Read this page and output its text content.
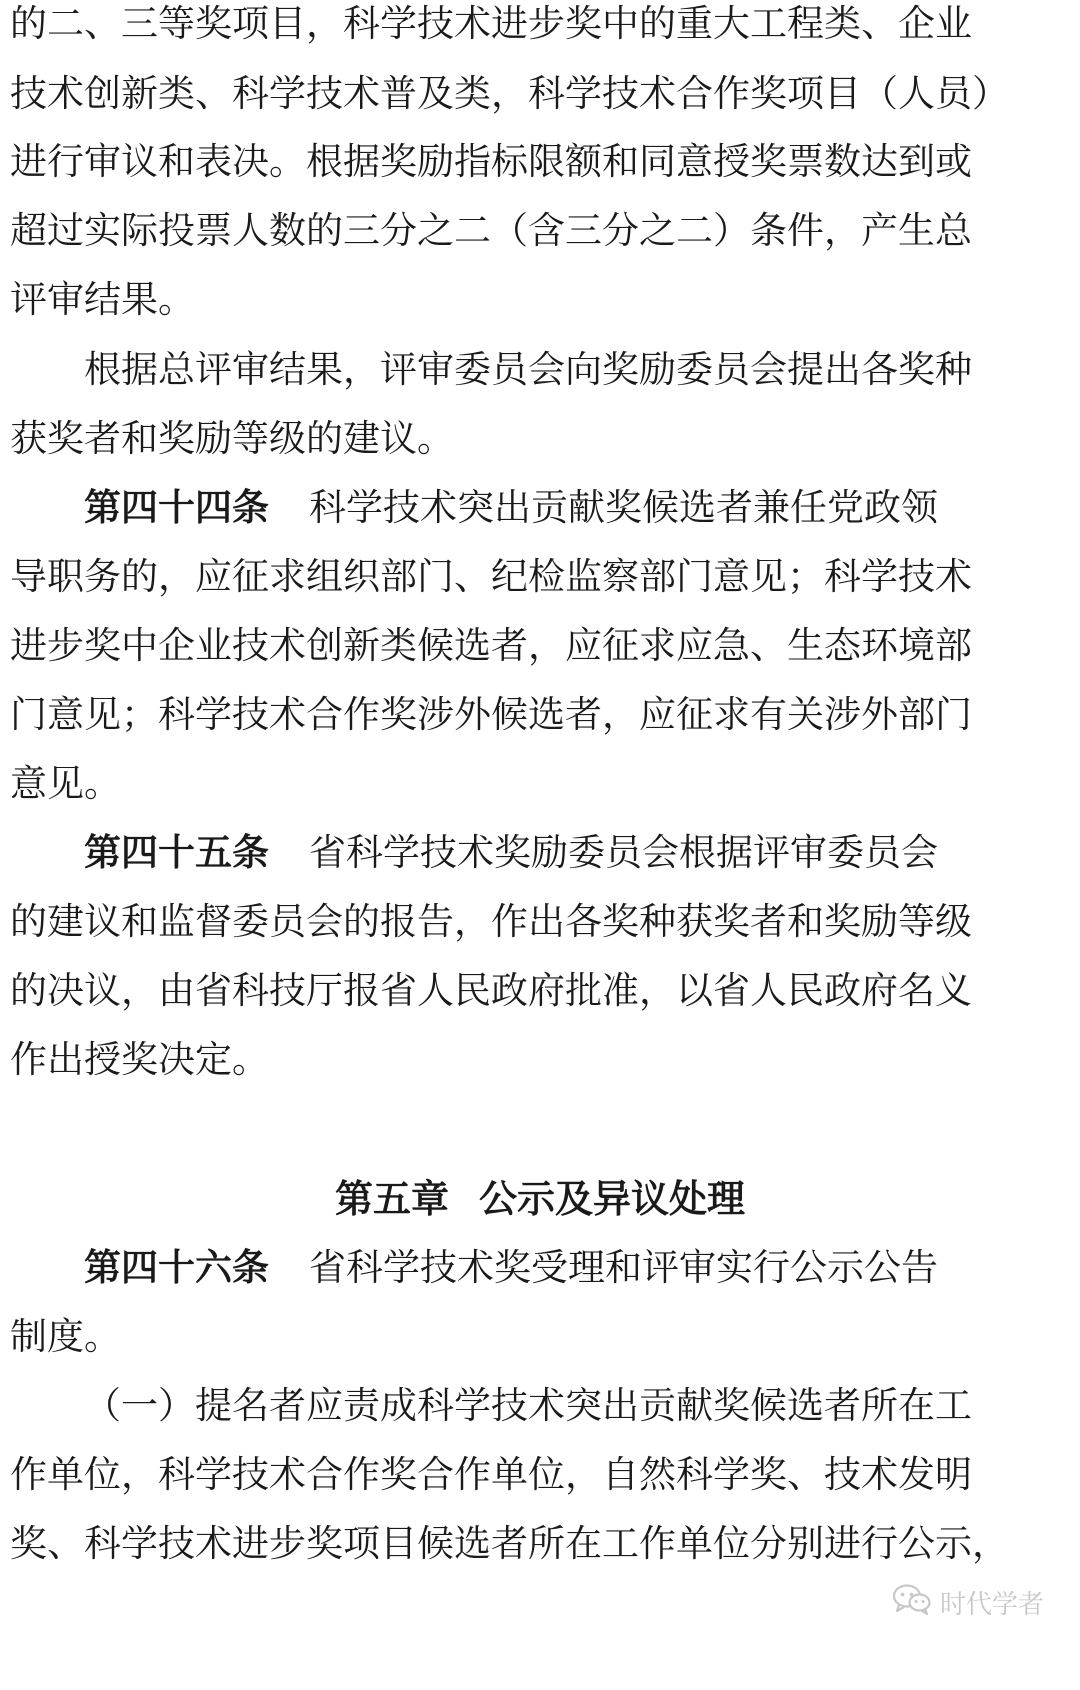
的二、三等奖项目，科学技术进步奖中的重大工程类、企业
技术创新类、科学技术普及类，科学技术合作奖项目（人员）
进行审议和表决。根据奖励指标限额和同意授奖票数达到或
超过实际投票人数的三分之二（含三分之二）条件，产生总
评审结果。
根据总评审结果，评审委员会向奖励委员会提出各奖种
获奖者和奖励等级的建议。
第四十四条 科学技术突出贡献奖候选者兼任党政领
导职务的，应征求组织部门、纪检监察部门意见；科学技术
进步奖中企业技术创新类候选者，应征求应急、生态环境部
门意见；科学技术合作奖涉外候选者，应征求有关涉外部门
意见。
第四十五条 省科学技术奖励委员会根据评审委员会
的建议和监督委员会的报告，作出各奖种获奖者和奖励等级
的决议，由省科技厅报省人民政府批准，以省人民政府名义
作出授奖决定。
第五章 公示及异议处理
第四十六条 省科学技术奖受理和评审实行公示公告
制度。
（一）提名者应责成科学技术突出贡献奖候选者所在工
作单位，科学技术合作奖合作单位，自然科学奖、技术发明
奖、科学技术进步奖项目候选者所在工作单位分别进行公示，
时代学者
